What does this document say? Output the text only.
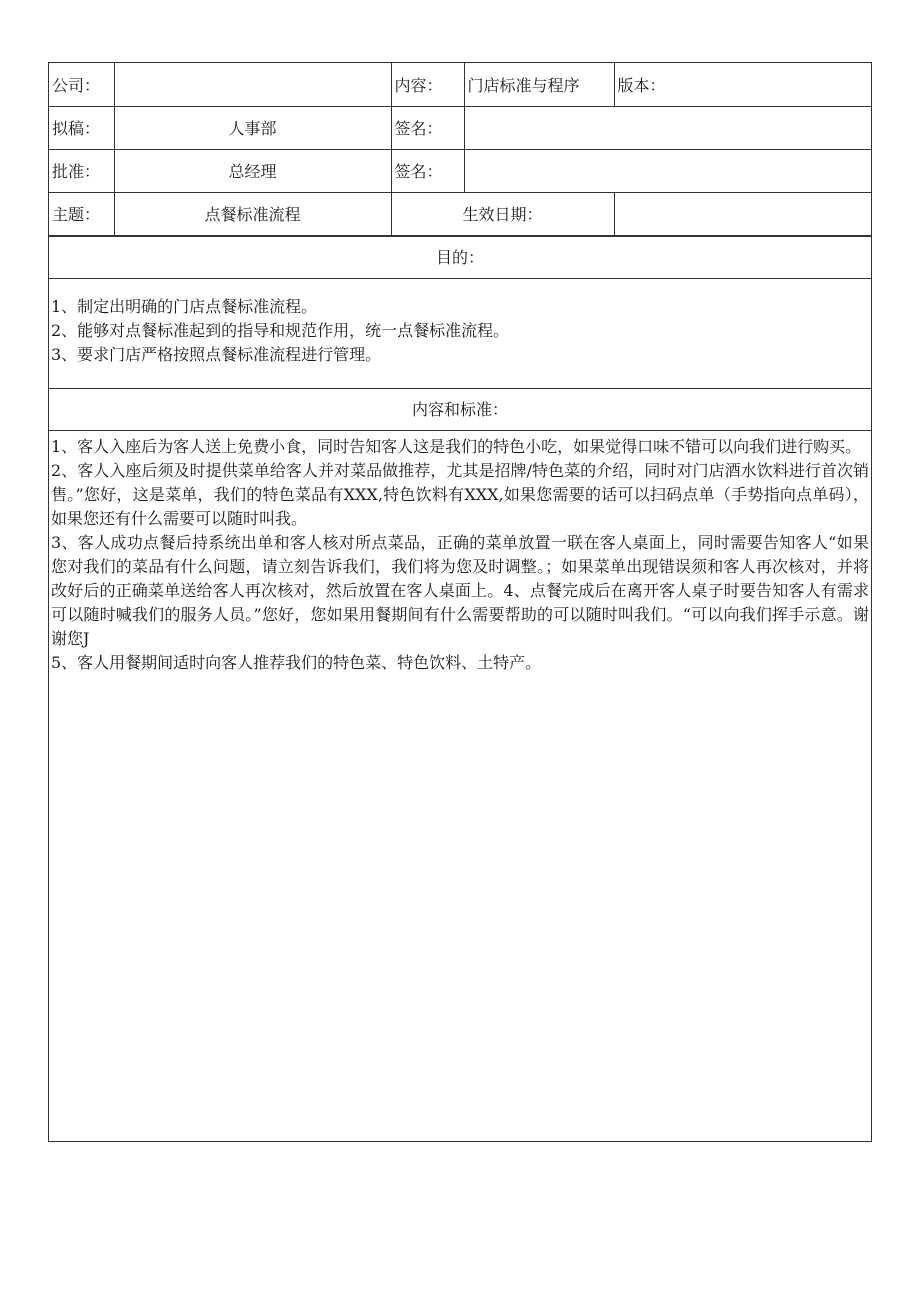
公司：		内容：	门店标准与程序	版本：
拟稿：	人事部	签名：		
批准：	总经理	签名：		
主题：	点餐标准流程	生效日期：		
目的：

1、制定出明确的门店点餐标准流程。

2、能够对点餐标准起到的指导和规范作用，统一点餐标准流程。

3、要求门店严格按照点餐标准流程进行管理。

内容和标准：

1、客人入座后为客人送上免费小食，同时告知客人这是我们的特色小吃，如果觉得口味不错可以向我们进行购买。

2、客人入座后须及时提供菜单给客人并对菜品做推荐，尤其是招牌/特色菜的介绍，同时对门店酒水饮料进行首次销售。”您好，这是菜单，我们的特色菜品有XXX,特色饮料有XXX,如果您需要的话可以扫码点单（手势指向点单码），如果您还有什么需要可以随时叫我。

3、客人成功点餐后持系统出单和客人核对所点菜品，正确的菜单放置一联在客人桌面上，同时需要告知客人“如果您对我们的菜品有什么问题，请立刻告诉我们，我们将为您及时调整。；如果菜单出现错误须和客人再次核对，并将改好后的正确菜单送给客人再次核对，然后放置在客人桌面上。4、点餐完成后在离开客人桌子时要告知客人有需求可以随时喊我们的服务人员。”您好，您如果用餐期间有什么需要帮助的可以随时叫我们。“可以向我们挥手示意。谢谢您J

5、客人用餐期间适时向客人推荐我们的特色菜、特色饮料、土特产。
